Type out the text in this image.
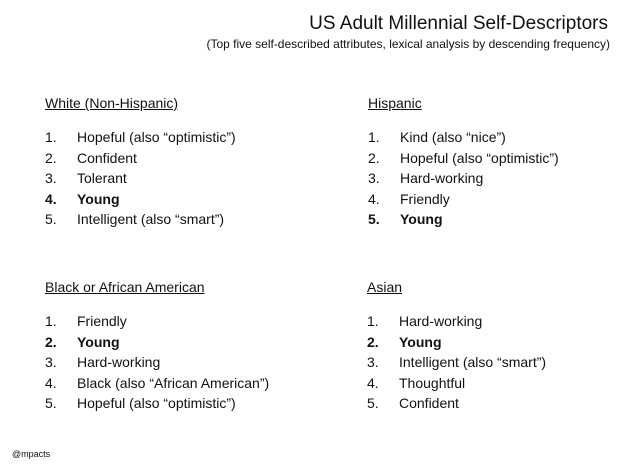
US Adult Millennial Self-Descriptors
(Top five self-described attributes, lexical analysis by descending frequency)
White (Non-Hispanic)
1. Hopeful (also “optimistic”)
2. Confident
3. Tolerant
4. Young
5. Intelligent (also “smart”)
Hispanic
1. Kind (also “nice”)
2. Hopeful (also “optimistic”)
3. Hard-working
4. Friendly
5. Young
Black or African American
1. Friendly
2. Young
3. Hard-working
4. Black (also “African American”)
5. Hopeful (also “optimistic”)
Asian
1. Hard-working
2. Young
3. Intelligent (also “smart”)
4. Thoughtful
5. Confident
@mpacts
